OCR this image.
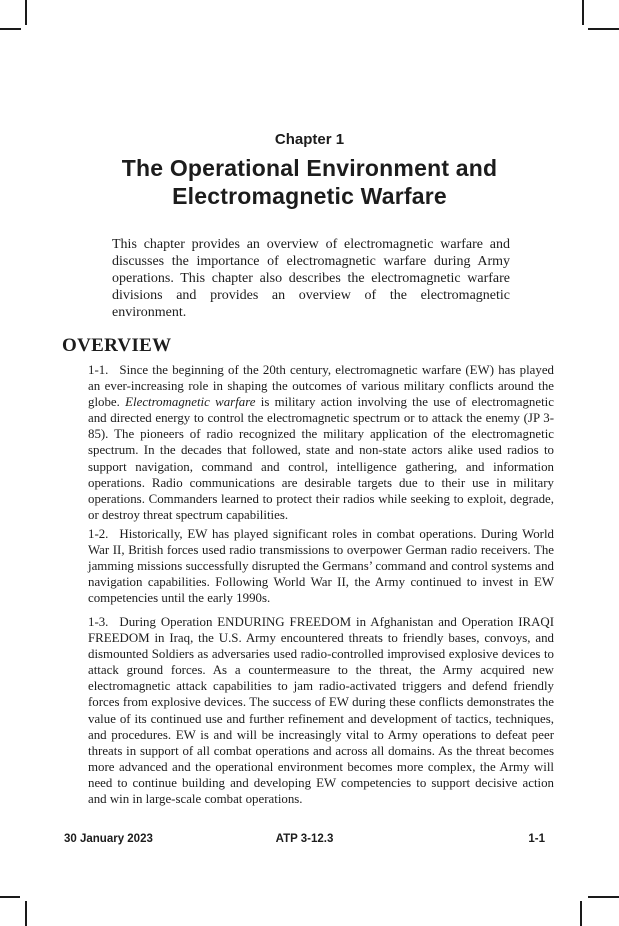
Chapter 1
The Operational Environment and Electromagnetic Warfare

This chapter provides an overview of electromagnetic warfare and discusses the importance of electromagnetic warfare during Army operations. This chapter also describes the electromagnetic warfare divisions and provides an overview of the electromagnetic environment.

OVERVIEW

1-1. Since the beginning of the 20th century, electromagnetic warfare (EW) has played an ever-increasing role in shaping the outcomes of various military conflicts around the globe. Electromagnetic warfare is military action involving the use of electromagnetic and directed energy to control the electromagnetic spectrum or to attack the enemy (JP 3-85). The pioneers of radio recognized the military application of the electromagnetic spectrum. In the decades that followed, state and non-state actors alike used radios to support navigation, command and control, intelligence gathering, and information operations. Radio communications are desirable targets due to their use in military operations. Commanders learned to protect their radios while seeking to exploit, degrade, or destroy threat spectrum capabilities.

1-2. Historically, EW has played significant roles in combat operations. During World War II, British forces used radio transmissions to overpower German radio receivers. The jamming missions successfully disrupted the Germans’ command and control systems and navigation capabilities. Following World War II, the Army continued to invest in EW competencies until the early 1990s.

1-3. During Operation ENDURING FREEDOM in Afghanistan and Operation IRAQI FREEDOM in Iraq, the U.S. Army encountered threats to friendly bases, convoys, and dismounted Soldiers as adversaries used radio-controlled improvised explosive devices to attack ground forces. As a countermeasure to the threat, the Army acquired new electromagnetic attack capabilities to jam radio-activated triggers and defend friendly forces from explosive devices. The success of EW during these conflicts demonstrates the value of its continued use and further refinement and development of tactics, techniques, and procedures. EW is and will be increasingly vital to Army operations to defeat peer threats in support of all combat operations and across all domains. As the threat becomes more advanced and the operational environment becomes more complex, the Army will need to continue building and developing EW competencies to support decisive action and win in large-scale combat operations.

30 January 2023	ATP 3-12.3	1-1
